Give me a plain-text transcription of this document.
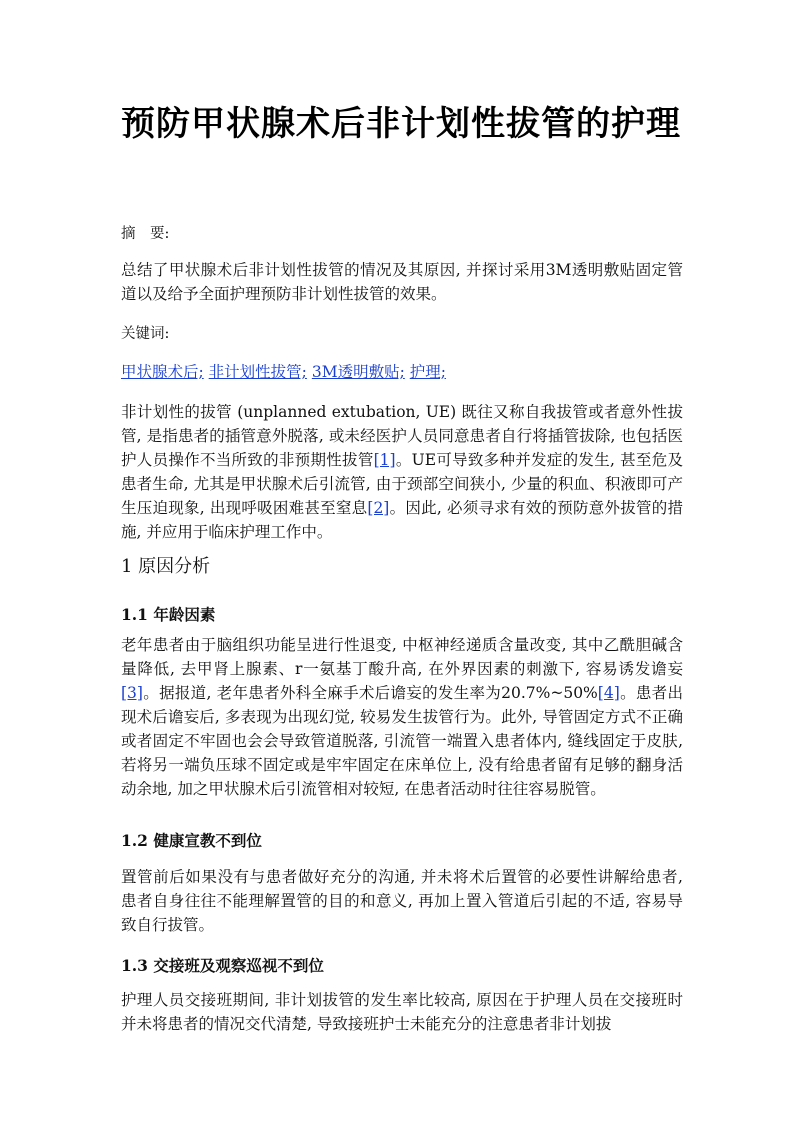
预防甲状腺术后非计划性拔管的护理

摘　要:

总结了甲状腺术后非计划性拔管的情况及其原因, 并探讨采用3M透明敷贴固定管道以及给予全面护理预防非计划性拔管的效果。

关键词:

甲状腺术后; 非计划性拔管; 3M透明敷贴; 护理;

非计划性的拔管 (unplanned extubation, UE) 既往又称自我拔管或者意外性拔管, 是指患者的插管意外脱落, 或未经医护人员同意患者自行将插管拔除, 也包括医护人员操作不当所致的非预期性拔管[1]。UE可导致多种并发症的发生, 甚至危及患者生命, 尤其是甲状腺术后引流管, 由于颈部空间狭小, 少量的积血、积液即可产生压迫现象, 出现呼吸困难甚至窒息[2]。因此, 必须寻求有效的预防意外拔管的措施, 并应用于临床护理工作中。

1 原因分析
1.1 年龄因素

老年患者由于脑组织功能呈进行性退变, 中枢神经递质含量改变, 其中乙酰胆碱含量降低, 去甲肾上腺素、r一氨基丁酸升高, 在外界因素的刺激下, 容易诱发谵妄[3]。据报道, 老年患者外科全麻手术后谵妄的发生率为20.7%~50%[4]。患者出现术后谵妄后, 多表现为出现幻觉, 较易发生拔管行为。此外, 导管固定方式不正确或者固定不牢固也会会导致管道脱落, 引流管一端置入患者体内, 缝线固定于皮肤, 若将另一端负压球不固定或是牢牢固定在床单位上, 没有给患者留有足够的翻身活动余地, 加之甲状腺术后引流管相对较短, 在患者活动时往往容易脱管。

1.2 健康宣教不到位

置管前后如果没有与患者做好充分的沟通, 并未将术后置管的必要性讲解给患者, 患者自身往往不能理解置管的目的和意义, 再加上置入管道后引起的不适, 容易导致自行拔管。

1.3 交接班及观察巡视不到位

护理人员交接班期间, 非计划拔管的发生率比较高, 原因在于护理人员在交接班时并未将患者的情况交代清楚, 导致接班护士未能充分的注意患者非计划拔
